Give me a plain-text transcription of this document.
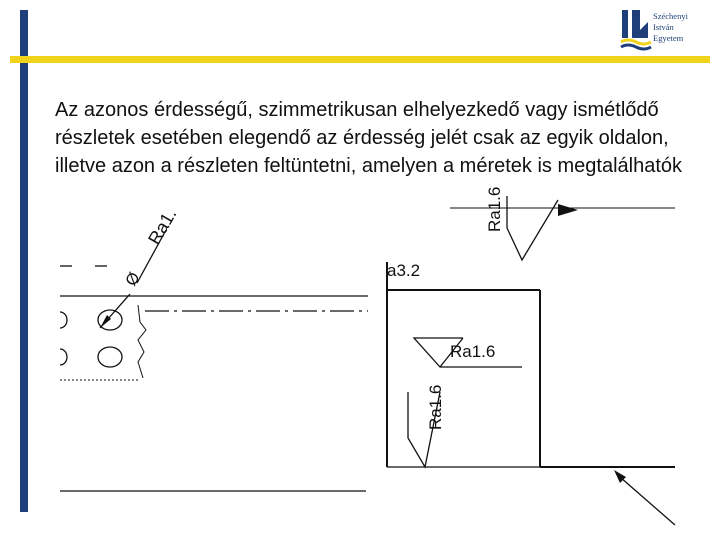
Széchenyi
István
Egyetem

Az azonos érdességű, szimmetrikusan elhelyezkedő vagy ismétlődő részletek esetében elegendő az érdesség jelét csak az egyik oldalon, illetve azon a részleten feltüntetni, amelyen a méretek is megtalálhatók

Ra1.
Ø
Ra1.6
a3.2
Ra1.6
Ra1.6
